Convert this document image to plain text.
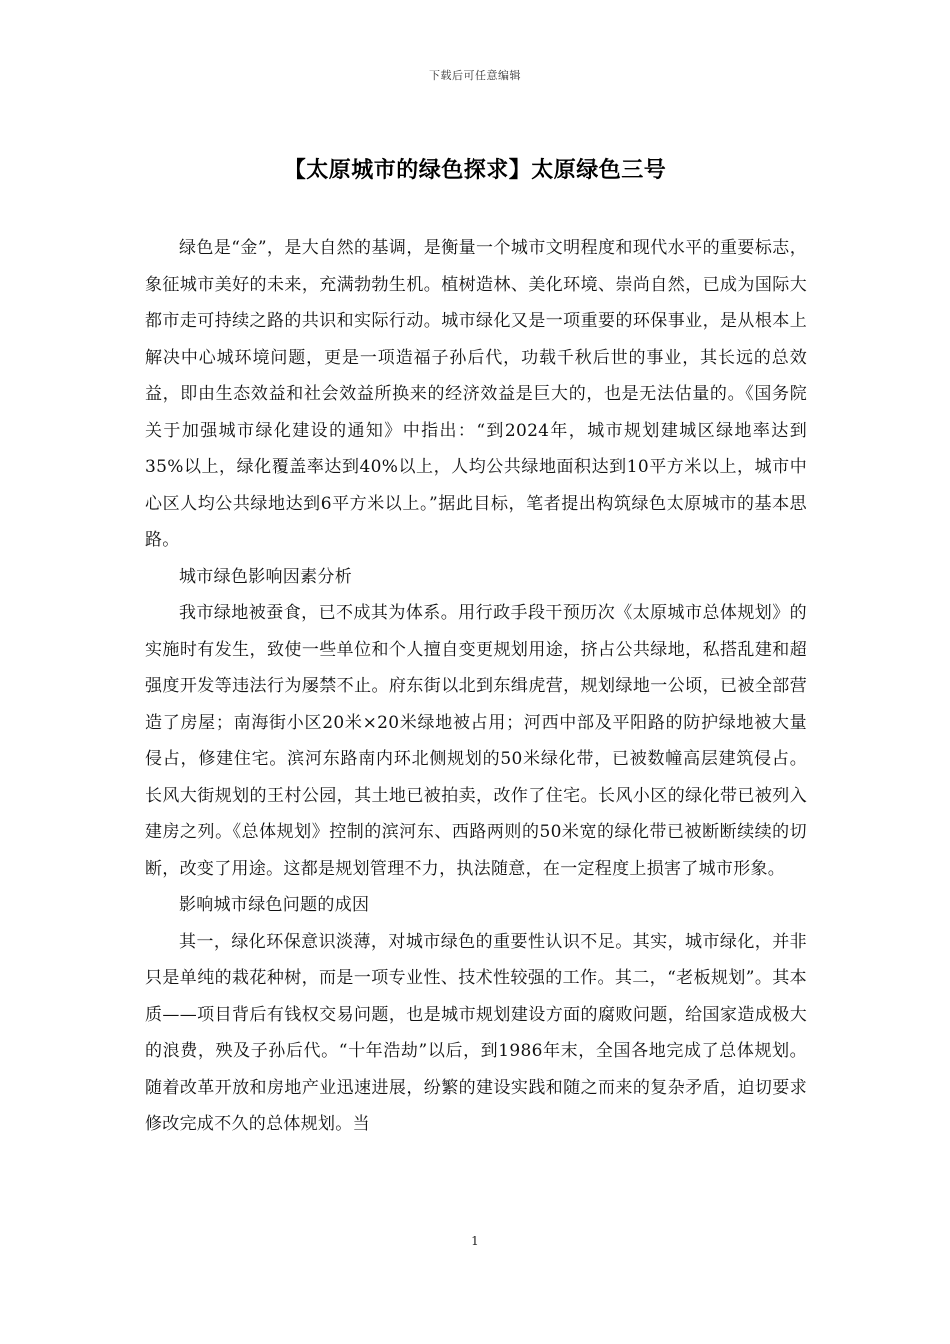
下载后可任意编辑
【太原城市的绿色探求】太原绿色三号

绿色是“金”，是大自然的基调，是衡量一个城市文明程度和现代水平的重要标志，象征城市美好的未来，充满勃勃生机。植树造林、美化环境、崇尚自然，已成为国际大都市走可持续之路的共识和实际行动。城市绿化又是一项重要的环保事业，是从根本上解决中心城环境问题，更是一项造福子孙后代，功载千秋后世的事业，其长远的总效益，即由生态效益和社会效益所换来的经济效益是巨大的，也是无法估量的。《国务院关于加强城市绿化建设的通知》中指出：“到2024年，城市规划建城区绿地率达到35%以上，绿化覆盖率达到40%以上，人均公共绿地面积达到10平方米以上，城市中心区人均公共绿地达到6平方米以上。”据此目标，笔者提出构筑绿色太原城市的基本思路。

城市绿色影响因素分析

我市绿地被蚕食，已不成其为体系。用行政手段干预历次《太原城市总体规划》的实施时有发生，致使一些单位和个人擅自变更规划用途，挤占公共绿地，私搭乱建和超强度开发等违法行为屡禁不止。府东街以北到东缉虎营，规划绿地一公顷，已被全部营造了房屋；南海街小区20米×20米绿地被占用；河西中部及平阳路的防护绿地被大量侵占，修建住宅。滨河东路南内环北侧规划的50米绿化带，已被数幢高层建筑侵占。长风大街规划的王村公园，其土地已被拍卖，改作了住宅。长风小区的绿化带已被列入建房之列。《总体规划》控制的滨河东、西路两则的50米宽的绿化带已被断断续续的切断，改变了用途。这都是规划管理不力，执法随意，在一定程度上损害了城市形象。

影响城市绿色问题的成因

其一，绿化环保意识淡薄，对城市绿色的重要性认识不足。其实，城市绿化，并非只是单纯的栽花种树，而是一项专业性、技术性较强的工作。其二，“老板规划”。其本质——项目背后有钱权交易问题，也是城市规划建设方面的腐败问题，给国家造成极大的浪费，殃及子孙后代。“十年浩劫”以后，到1986年末，全国各地完成了总体规划。随着改革开放和房地产业迅速进展，纷繁的建设实践和随之而来的复杂矛盾，迫切要求修改完成不久的总体规划。当

1
